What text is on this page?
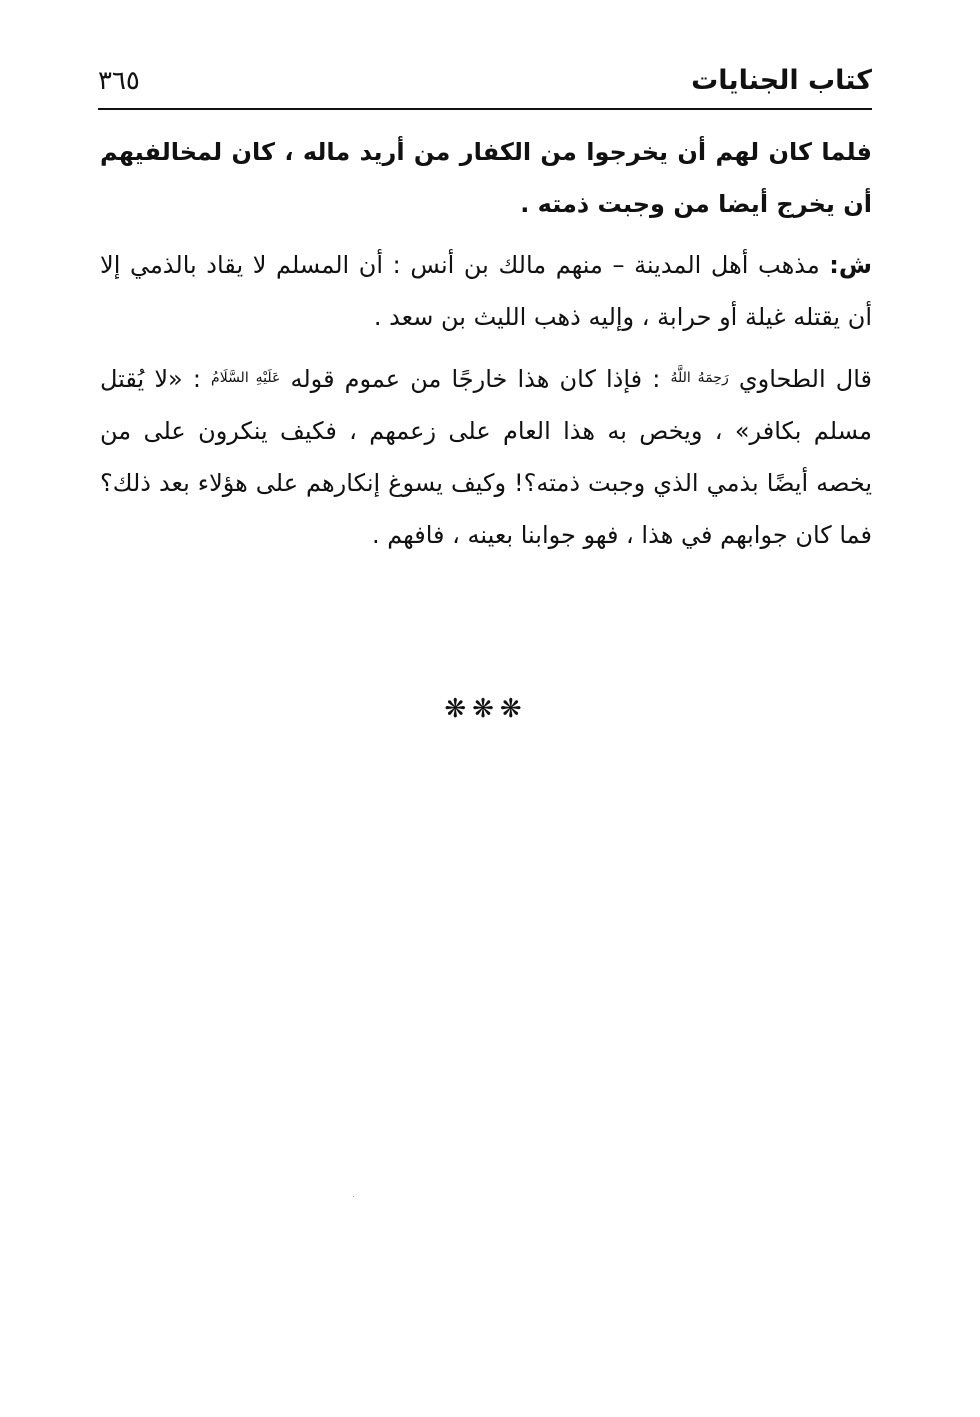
كتاب الجنايات
٣٦٥

فلما كان لهم أن يخرجوا من الكفار من أريد ماله ، كان لمخالفيهم أن يخرج أيضا من وجبت ذمته .

ش: مذهب أهل المدينة – منهم مالك بن أنس : أن المسلم لا يقاد بالذمي إلا أن يقتله غيلة أو حرابة ، وإليه ذهب الليث بن سعد .

قال الطحاوي $^{رَحِمَهُ اللَّهُ}$ : فإذا كان هذا خارجًا من عموم قوله $^{عَلَيْهِ السَّلَامُ}$ : «لا يُقتل مسلم بكافر» ، ويخص به هذا العام على زعمهم ، فكيف ينكرون على من يخصه أيضًا بذمي الذي وجبت ذمته؟! وكيف يسوغ إنكارهم على هؤلاء بعد ذلك؟ فما كان جوابهم في هذا ، فهو جوابنا بعينه ، فافهم .

❋❋❋
